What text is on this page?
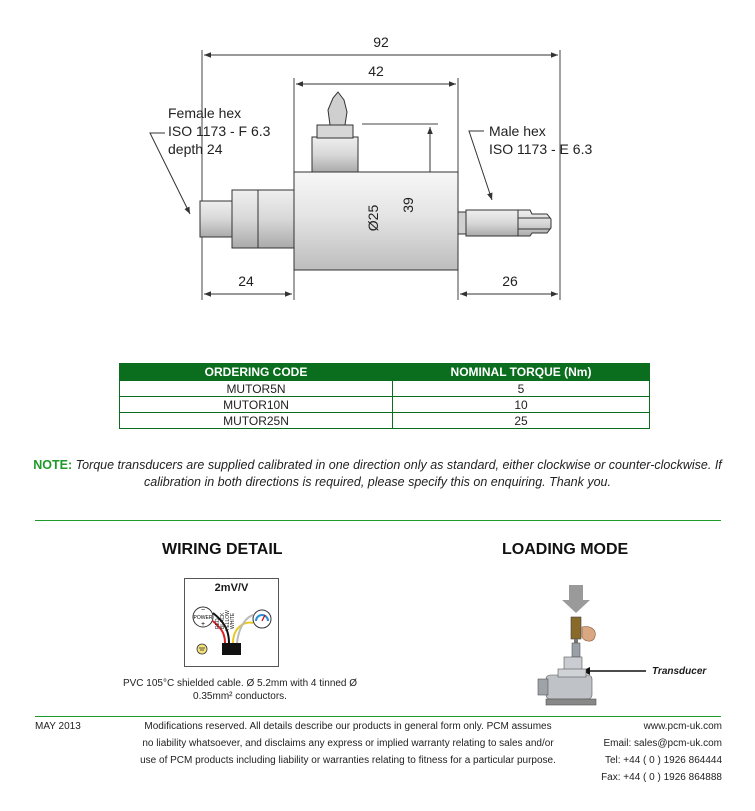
92
42
24	26
Ø25 39
Female hex
ISO 1173 - F 6.3
depth 24
Male hex
ISO 1173 - E 6.3
ORDERING CODE	NOMINAL TORQUE (Nm)
MUTOR5N	5
MUTOR10N	10
MUTOR25N	25
NOTE: Torque transducers are supplied calibrated in one direction only as standard, either clockwise or counter-clockwise. If calibration in both directions is required, please specify this on enquiring. Thank you.
WIRING DETAIL
2mV/V
POWER
+
−
RED BLACK YELLOW WHITE
PVC 105°C shielded cable. Ø 5.2mm with 4 tinned Ø 0.35mm² conductors.
LOADING MODE
Transducer
MAY 2013	Modifications reserved. All details describe our products in general form only. PCM assumes no liability whatsoever, and disclaims any express or implied warranty relating to sales and/or use of PCM products including liability or warranties relating to fitness for a particular purpose.
www.pcm-uk.com
Email: sales@pcm-uk.com
Tel: +44 ( 0 ) 1926 864444
Fax: +44 ( 0 ) 1926 864888
